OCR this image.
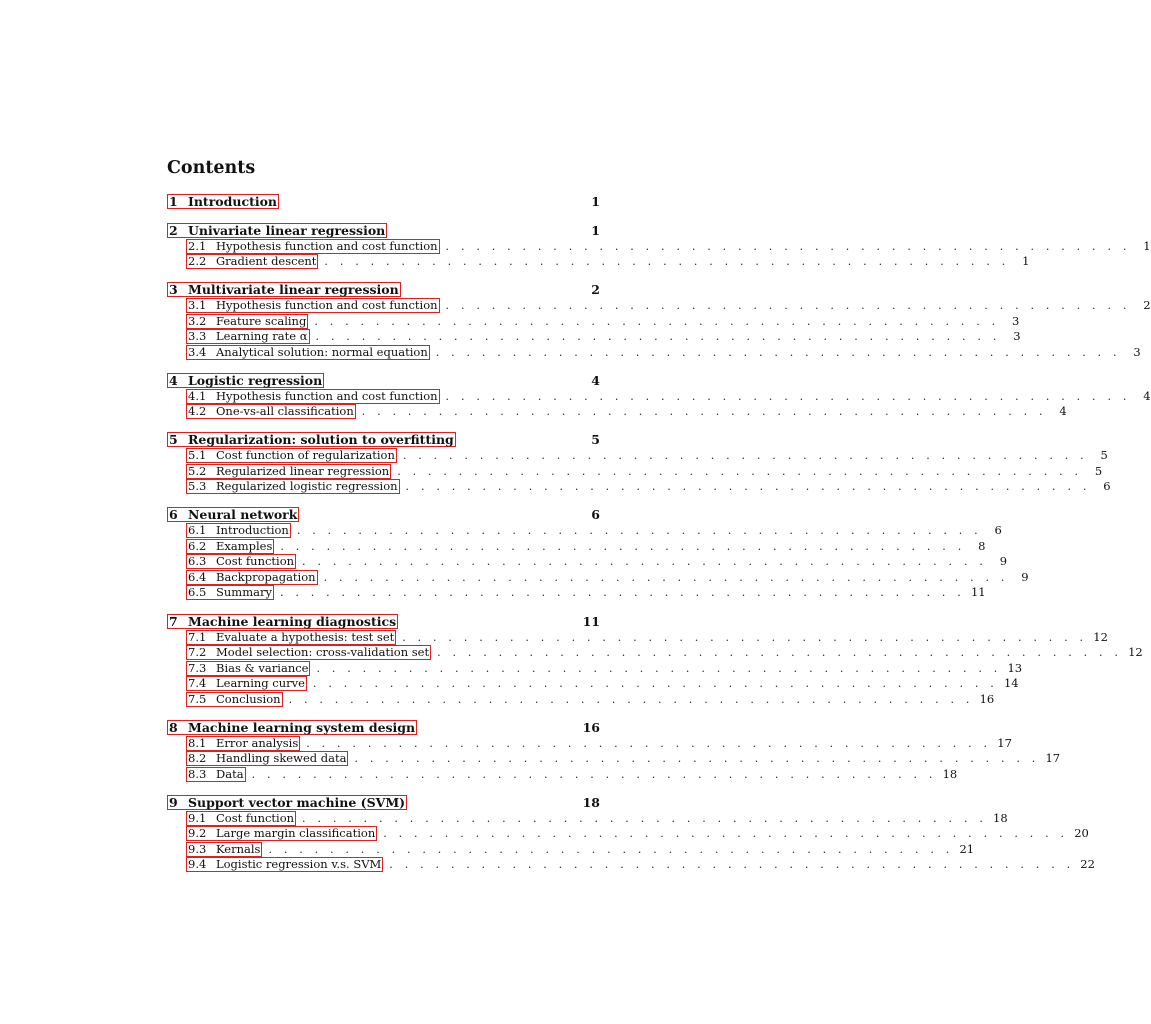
Contents
1 Introduction	1
2 Univariate linear regression	1
2.1 Hypothesis function and cost function . . . . . . . . . . . . . . . . . . . . . . . . . . . . . . . . . . . . . . . . . . . . .	1
2.2 Gradient descent . . . . . . . . . . . . . . . . . . . . . . . . . . . . . . . . . . . . . . . . . . . . .	1
3 Multivariate linear regression	2
3.1 Hypothesis function and cost function . . . . . . . . . . . . . . . . . . . . . . . . . . . . . . . . . . . . . . . . . . . . .	2
3.2 Feature scaling . . . . . . . . . . . . . . . . . . . . . . . . . . . . . . . . . . . . . . . . . . . . .	3
3.3 Learning rate α . . . . . . . . . . . . . . . . . . . . . . . . . . . . . . . . . . . . . . . . . . . . .	3
3.4 Analytical solution: normal equation . . . . . . . . . . . . . . . . . . . . . . . . . . . . . . . . . . . . . . . . . . . . .	3
4 Logistic regression	4
4.1 Hypothesis function and cost function . . . . . . . . . . . . . . . . . . . . . . . . . . . . . . . . . . . . . . . . . . . . .	4
4.2 One-vs-all classification . . . . . . . . . . . . . . . . . . . . . . . . . . . . . . . . . . . . . . . . . . . . .	4
5 Regularization: solution to overfitting	5
5.1 Cost function of regularization . . . . . . . . . . . . . . . . . . . . . . . . . . . . . . . . . . . . . . . . . . . . .	5
5.2 Regularized linear regression . . . . . . . . . . . . . . . . . . . . . . . . . . . . . . . . . . . . . . . . . . . . .	5
5.3 Regularized logistic regression . . . . . . . . . . . . . . . . . . . . . . . . . . . . . . . . . . . . . . . . . . . . .	6
6 Neural network	6
6.1 Introduction . . . . . . . . . . . . . . . . . . . . . . . . . . . . . . . . . . . . . . . . . . . . .	6
6.2 Examples . . . . . . . . . . . . . . . . . . . . . . . . . . . . . . . . . . . . . . . . . . . . .	8
6.3 Cost function . . . . . . . . . . . . . . . . . . . . . . . . . . . . . . . . . . . . . . . . . . . . .	9
6.4 Backpropagation . . . . . . . . . . . . . . . . . . . . . . . . . . . . . . . . . . . . . . . . . . . . .	9
6.5 Summary . . . . . . . . . . . . . . . . . . . . . . . . . . . . . . . . . . . . . . . . . . . . . 11
7 Machine learning diagnostics	11
7.1 Evaluate a hypothesis: test set . . . . . . . . . . . . . . . . . . . . . . . . . . . . . . . . . . . . . . . . . . . . . 12
7.2 Model selection: cross-validation set . . . . . . . . . . . . . . . . . . . . . . . . . . . . . . . . . . . . . . . . . . . . . 12
7.3 Bias & variance . . . . . . . . . . . . . . . . . . . . . . . . . . . . . . . . . . . . . . . . . . . . . 13
7.4 Learning curve . . . . . . . . . . . . . . . . . . . . . . . . . . . . . . . . . . . . . . . . . . . . . 14
7.5 Conclusion . . . . . . . . . . . . . . . . . . . . . . . . . . . . . . . . . . . . . . . . . . . . . 16
8 Machine learning system design	16
8.1 Error analysis . . . . . . . . . . . . . . . . . . . . . . . . . . . . . . . . . . . . . . . . . . . . . 17
8.2 Handling skewed data . . . . . . . . . . . . . . . . . . . . . . . . . . . . . . . . . . . . . . . . . . . . . 17
8.3 Data . . . . . . . . . . . . . . . . . . . . . . . . . . . . . . . . . . . . . . . . . . . . . 18
9 Support vector machine (SVM)	18
9.1 Cost function . . . . . . . . . . . . . . . . . . . . . . . . . . . . . . . . . . . . . . . . . . . . . 18
9.2 Large margin classification . . . . . . . . . . . . . . . . . . . . . . . . . . . . . . . . . . . . . . . . . . . . . 20
9.3 Kernals . . . . . . . . . . . . . . . . . . . . . . . . . . . . . . . . . . . . . . . . . . . . . 21
9.4 Logistic regression v.s. SVM . . . . . . . . . . . . . . . . . . . . . . . . . . . . . . . . . . . . . . . . . . . . . 22
